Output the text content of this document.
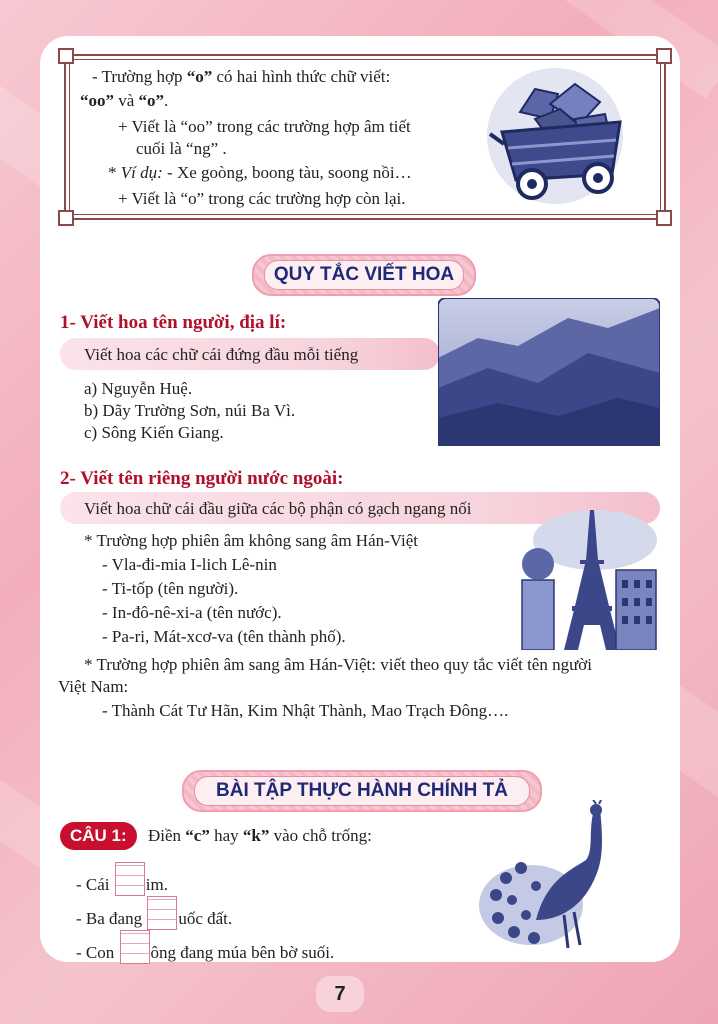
- Trường hợp “o” có hai hình thức chữ viết:
“oo” và “o”.
+ Viết là “oo” trong các trường hợp âm tiết
cuối là “ng” .
* Ví dụ: - Xe goòng, boong tàu, soong nồi…
+ Viết là “o” trong các trường hợp còn lại.
QUY TẮC VIẾT HOA
1- Viết hoa tên người, địa lí:
Viết hoa các chữ cái đứng đầu mỗi tiếng
a) Nguyễn Huệ.
b) Dãy Trường Sơn, núi Ba Vì.
c) Sông Kiến Giang.
2- Viết tên riêng người nước ngoài:
Viết hoa chữ cái đầu giữa các bộ phận có gạch ngang nối
* Trường hợp phiên âm không sang âm Hán-Việt
- Vla-đi-mia I-lich Lê-nin
- Ti-tốp (tên người).
- In-đô-nê-xi-a (tên nước).
- Pa-ri, Mát-xcơ-va (tên thành phố).
* Trường hợp phiên âm sang âm Hán-Việt: viết theo quy tắc viết tên người
Việt Nam:
- Thành Cát Tư Hãn, Kim Nhật Thành, Mao Trạch Đông….
BÀI TẬP THỰC HÀNH CHÍNH TẢ
CÂU 1:	Điền “c” hay “k” vào chỗ trống:
- Cái im.
- Ba đang uốc đất.
- Con ông đang múa bên bờ suối.
7
